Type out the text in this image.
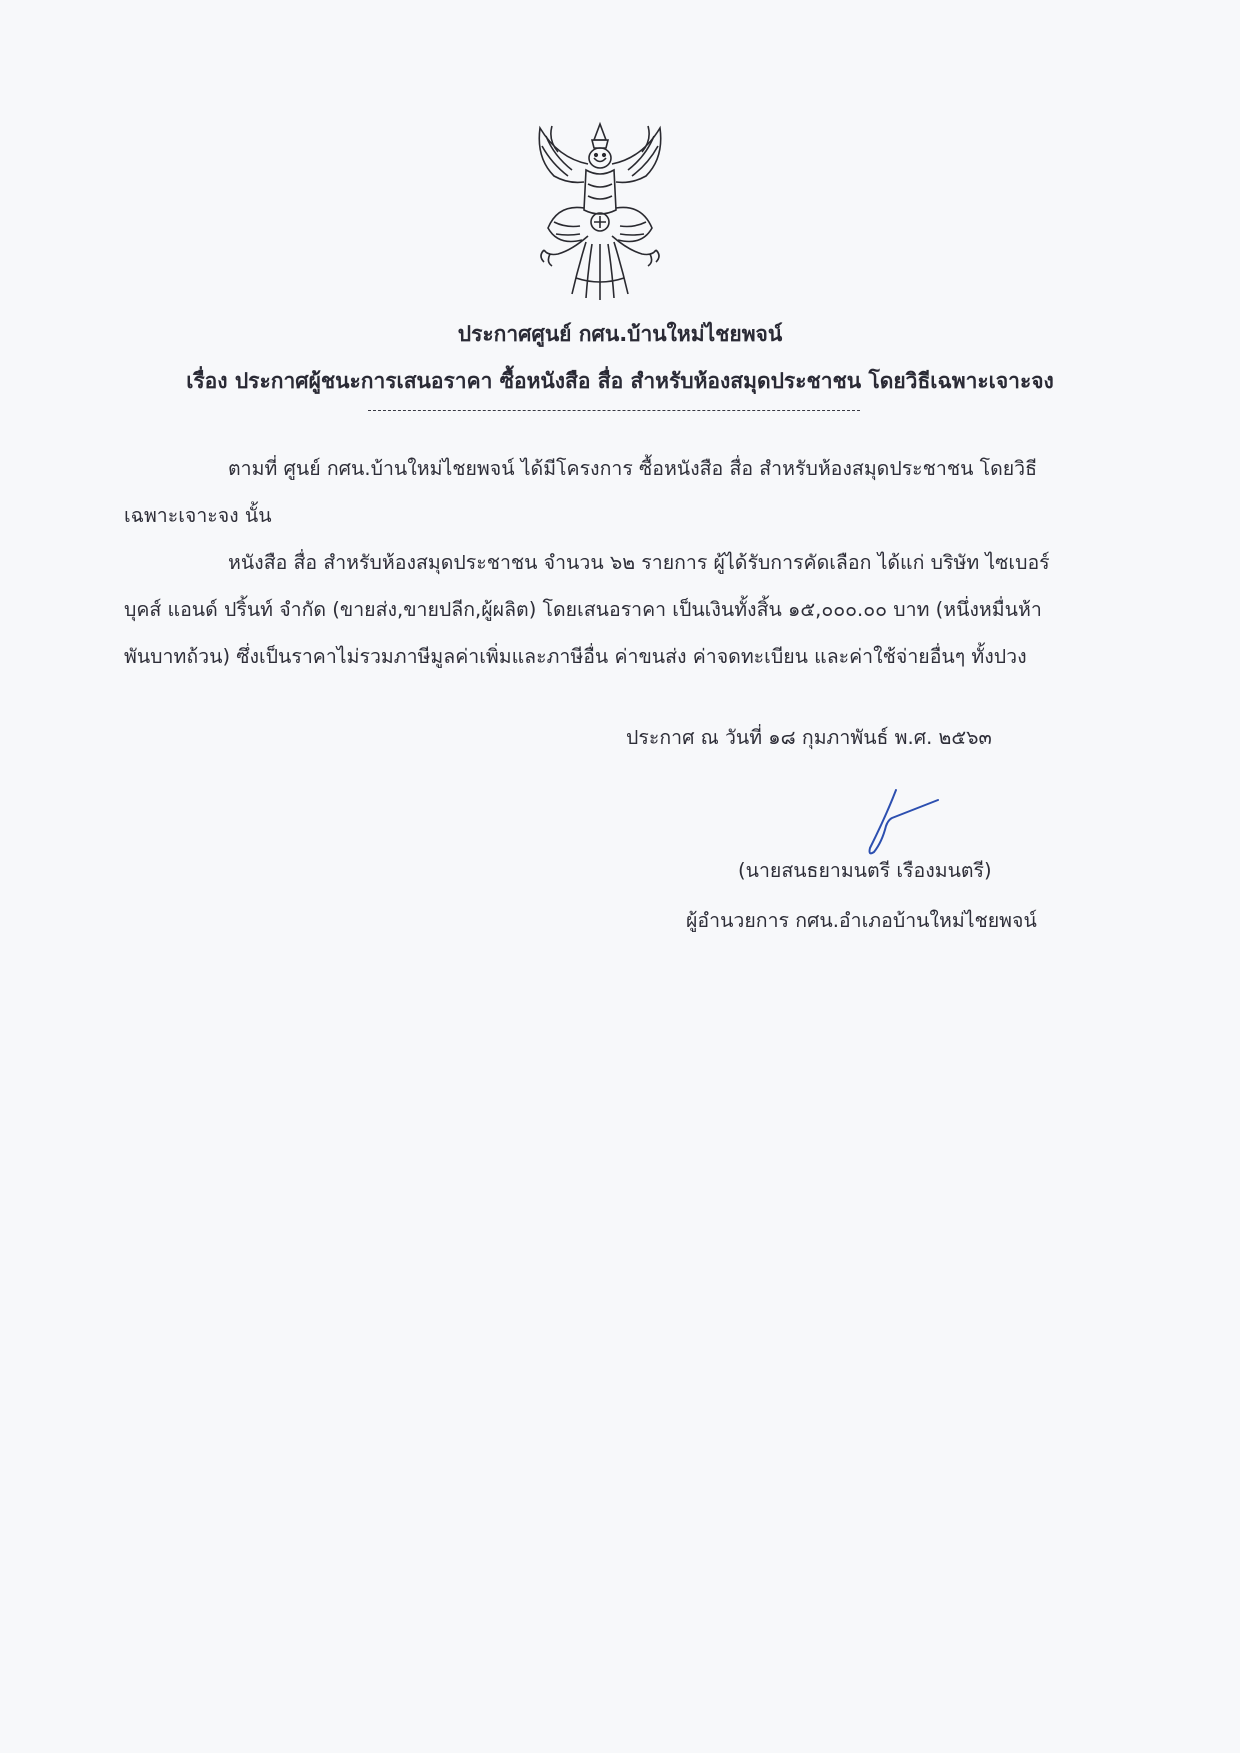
ประกาศศูนย์ กศน.บ้านใหม่ไชยพจน์
เรื่อง ประกาศผู้ชนะการเสนอราคา ซื้อหนังสือ สื่อ สำหรับห้องสมุดประชาชน โดยวิธีเฉพาะเจาะจง
ตามที่ ศูนย์ กศน.บ้านใหม่ไชยพจน์ ได้มีโครงการ ซื้อหนังสือ สื่อ สำหรับห้องสมุดประชาชน โดยวิธี
เฉพาะเจาะจง นั้น
หนังสือ สื่อ สำหรับห้องสมุดประชาชน จำนวน ๖๒ รายการ ผู้ได้รับการคัดเลือก ได้แก่ บริษัท ไซเบอร์
บุคส์ แอนด์ ปริ้นท์ จำกัด (ขายส่ง,ขายปลีก,ผู้ผลิต) โดยเสนอราคา เป็นเงินทั้งสิ้น ๑๕,๐๐๐.๐๐ บาท (หนึ่งหมื่นห้า
พันบาทถ้วน) ซึ่งเป็นราคาไม่รวมภาษีมูลค่าเพิ่มและภาษีอื่น ค่าขนส่ง ค่าจดทะเบียน และค่าใช้จ่ายอื่นๆ ทั้งปวง
ประกาศ ณ วันที่ ๑๘ กุมภาพันธ์ พ.ศ. ๒๕๖๓
(นายสนธยามนตรี เรืองมนตรี)
ผู้อำนวยการ กศน.อำเภอบ้านใหม่ไชยพจน์
